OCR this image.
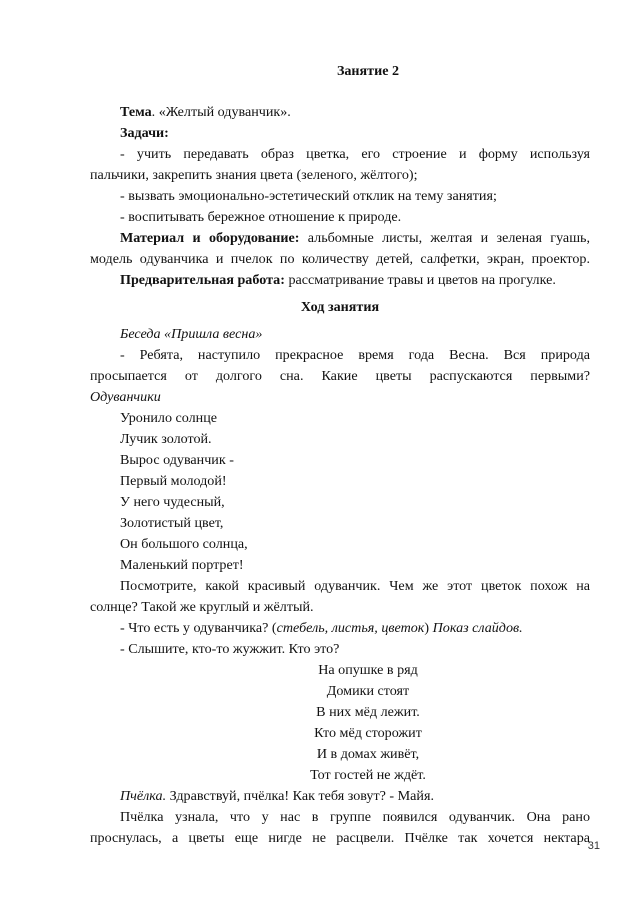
Занятие 2
Тема. «Желтый одуванчик».
Задачи:
- учить передавать образ цветка, его строение и форму используя
пальчики, закрепить знания цвета (зеленого, жёлтого);
- вызвать эмоционально-эстетический отклик на тему занятия;
- воспитывать бережное отношение к природе.
Материал и оборудование: альбомные листы, желтая и зеленая гуашь,
модель одуванчика и пчелок по количеству детей, салфетки, экран, проектор.
Предварительная работа: рассматривание травы и цветов на прогулке.
Ход занятия
Беседа «Пришла весна»
- Ребята, наступило прекрасное время года Весна. Вся природа
просыпается от долгого сна. Какие цветы распускаются первыми?
Одуванчики
Уронило солнце
Лучик золотой.
Вырос одуванчик -
Первый молодой!
У него чудесный,
Золотистый цвет,
Он большого солнца,
Маленький портрет!
Посмотрите, какой красивый одуванчик. Чем же этот цветок похож на
солнце? Такой же круглый и жёлтый.
- Что есть у одуванчика? (стебель, листья, цветок) Показ слайдов.
- Слышите, кто-то жужжит. Кто это?
На опушке в ряд
Домики стоят
В них мёд лежит.
Кто мёд сторожит
И в домах живёт,
Тот гостей не ждёт.
Пчёлка. Здравствуй, пчёлка! Как тебя зовут? - Майя.
Пчёлка узнала, что у нас в группе появился одуванчик. Она рано
проснулась, а цветы еще нигде не расцвели. Пчёлке так хочется нектара
31
